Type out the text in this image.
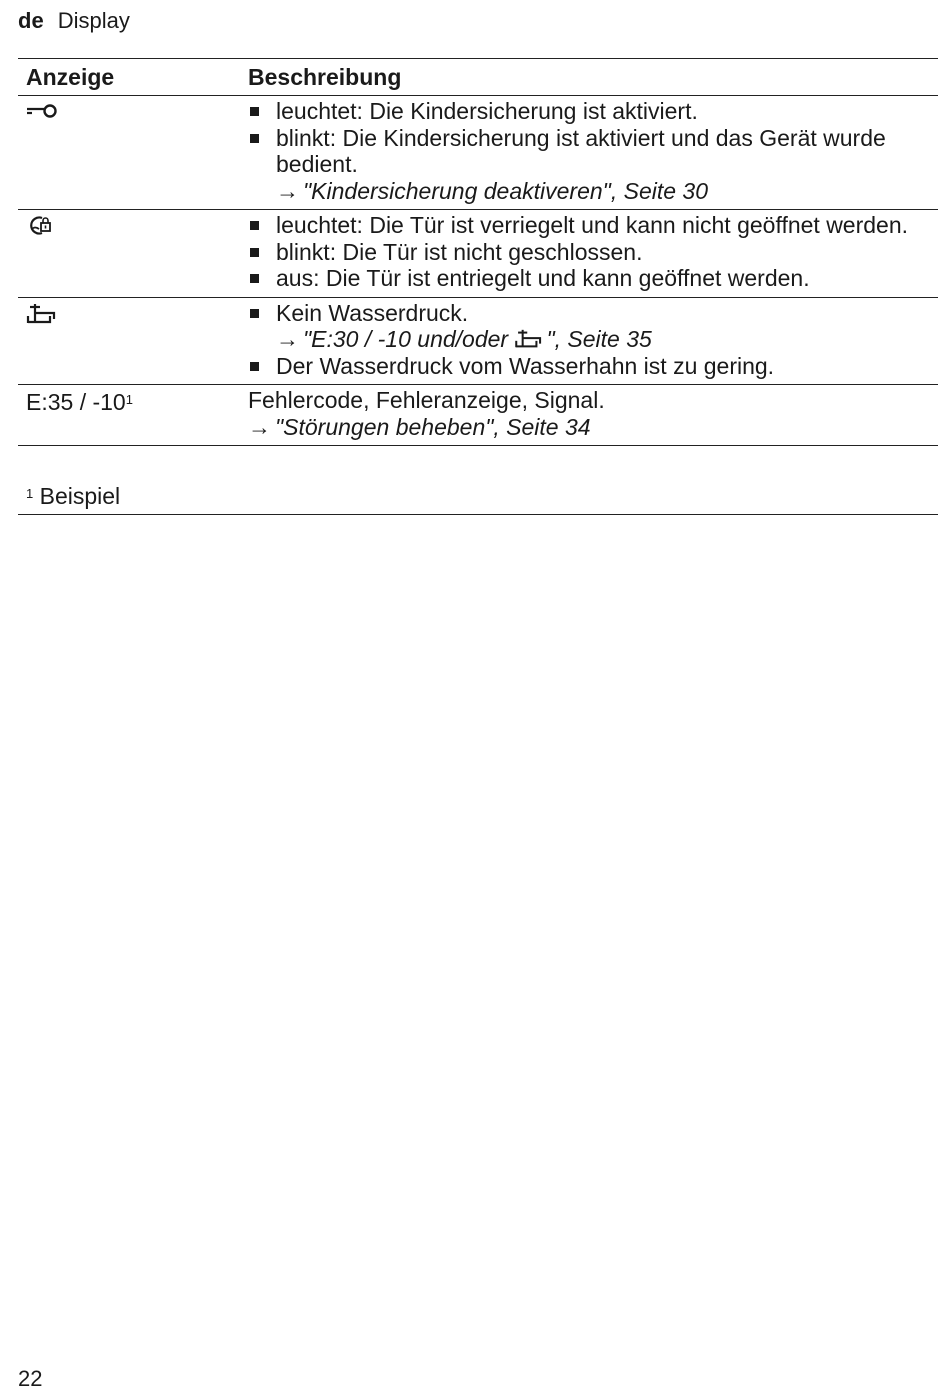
de Display
Anzeige	Beschreibung
leuchtet: Die Kindersicherung ist aktiviert.
blinkt: Die Kindersicherung ist aktiviert und das Gerät wurde bedient.
→ "Kindersicherung deaktiveren", Seite 30
leuchtet: Die Tür ist verriegelt und kann nicht geöffnet werden.
blinkt: Die Tür ist nicht geschlossen.
aus: Die Tür ist entriegelt und kann geöffnet werden.
Kein Wasserdruck.
→ "E:30 / -10 und/oder ", Seite 35
Der Wasserdruck vom Wasserhahn ist zu gering.
E:35 / $-10^1$	Fehlercode, Fehleranzeige, Signal.
→ "Störungen beheben", Seite 34
$^1$ Beispiel
22
